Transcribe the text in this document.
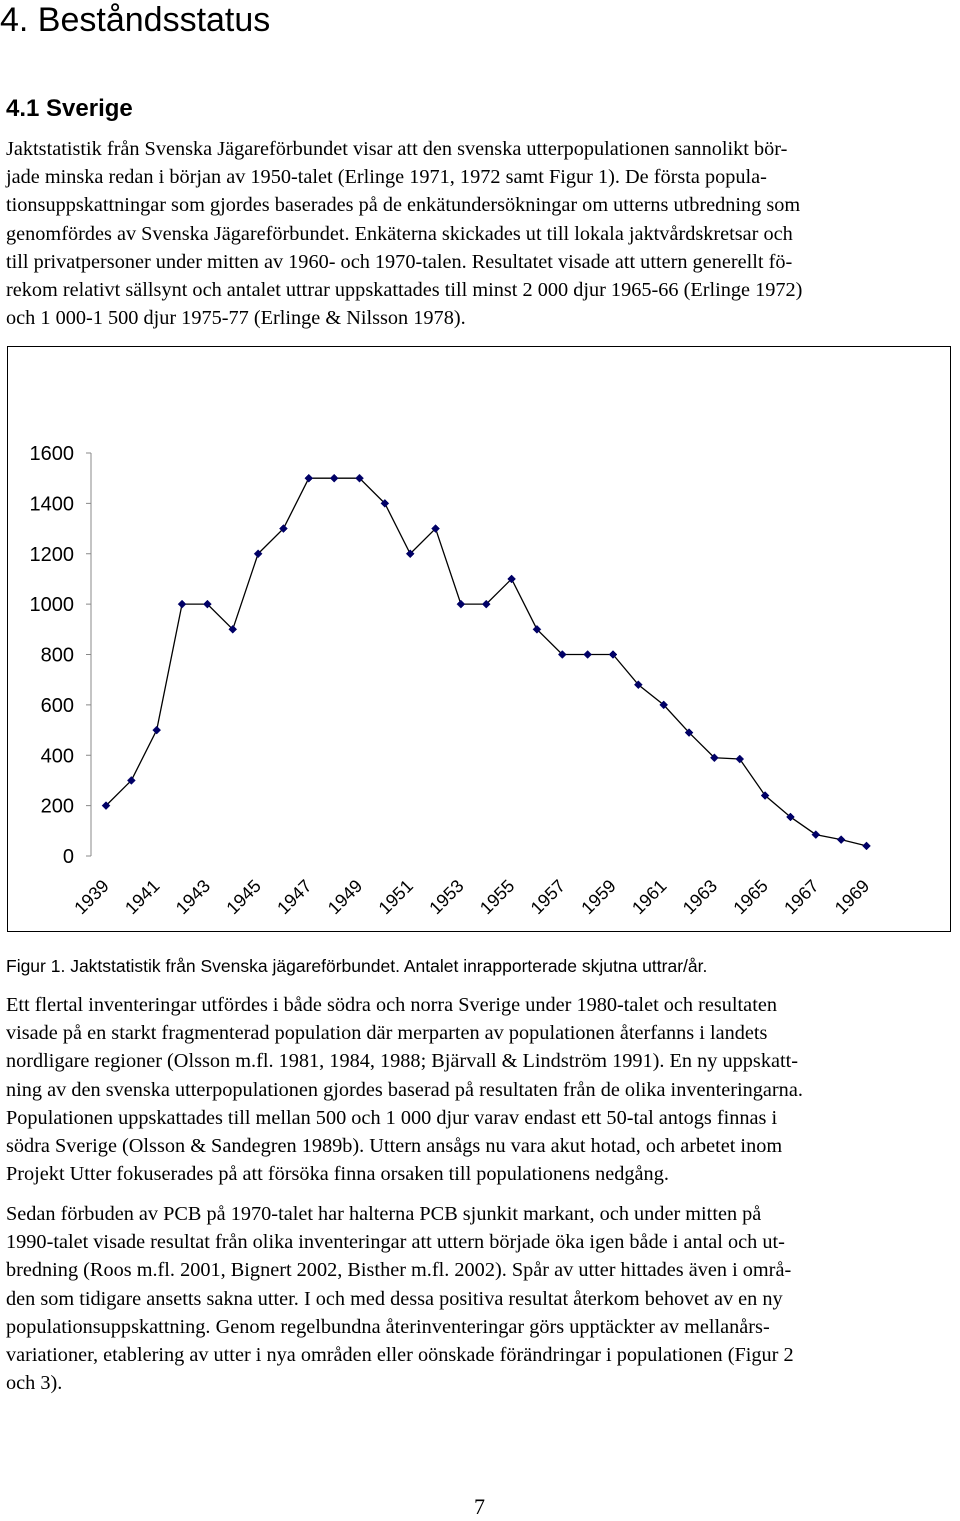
4. Beståndsstatus
4.1 Sverige

Jaktstatistik från Svenska Jägareförbundet visar att den svenska utterpopulationen sannolikt bör-
jade minska redan i början av 1950-talet (Erlinge 1971, 1972 samt Figur 1). De första popula-
tionsuppskattningar som gjordes baserades på de enkätundersökningar om utterns utbredning som
genomfördes av Svenska Jägareförbundet. Enkäterna skickades ut till lokala jaktvårdskretsar och
till privatpersoner under mitten av 1960- och 1970-talen. Resultatet visade att uttern generellt fö-
rekom relativt sällsynt och antalet uttrar uppskattades till minst 2 000 djur 1965-66 (Erlinge 1972)
och 1 000-1 500 djur 1975-77 (Erlinge & Nilsson 1978).

0
200
400
600
800
1000
1200
1400
1600
1939 1941 1943 1945 1947 1949 1951 1953 1955 1957 1959 1961 1963 1965 1967 1969
Figur 1. Jaktstatistik från Svenska jägareförbundet. Antalet inrapporterade skjutna uttrar/år.

Ett flertal inventeringar utfördes i både södra och norra Sverige under 1980-talet och resultaten
visade på en starkt fragmenterad population där merparten av populationen återfanns i landets
nordligare regioner (Olsson m.fl. 1981, 1984, 1988; Bjärvall & Lindström 1991). En ny uppskatt-
ning av den svenska utterpopulationen gjordes baserad på resultaten från de olika inventeringarna.
Populationen uppskattades till mellan 500 och 1 000 djur varav endast ett 50-tal antogs finnas i
södra Sverige (Olsson & Sandegren 1989b). Uttern ansågs nu vara akut hotad, och arbetet inom
Projekt Utter fokuserades på att försöka finna orsaken till populationens nedgång.

Sedan förbuden av PCB på 1970-talet har halterna PCB sjunkit markant, och under mitten på
1990-talet visade resultat från olika inventeringar att uttern började öka igen både i antal och ut-
bredning (Roos m.fl. 2001, Bignert 2002, Bisther m.fl. 2002). Spår av utter hittades även i områ-
den som tidigare ansetts sakna utter. I och med dessa positiva resultat återkom behovet av en ny
populationsuppskattning. Genom regelbundna återinventeringar görs upptäckter av mellanårs-
variationer, etablering av utter i nya områden eller oönskade förändringar i populationen (Figur 2
och 3).

7
